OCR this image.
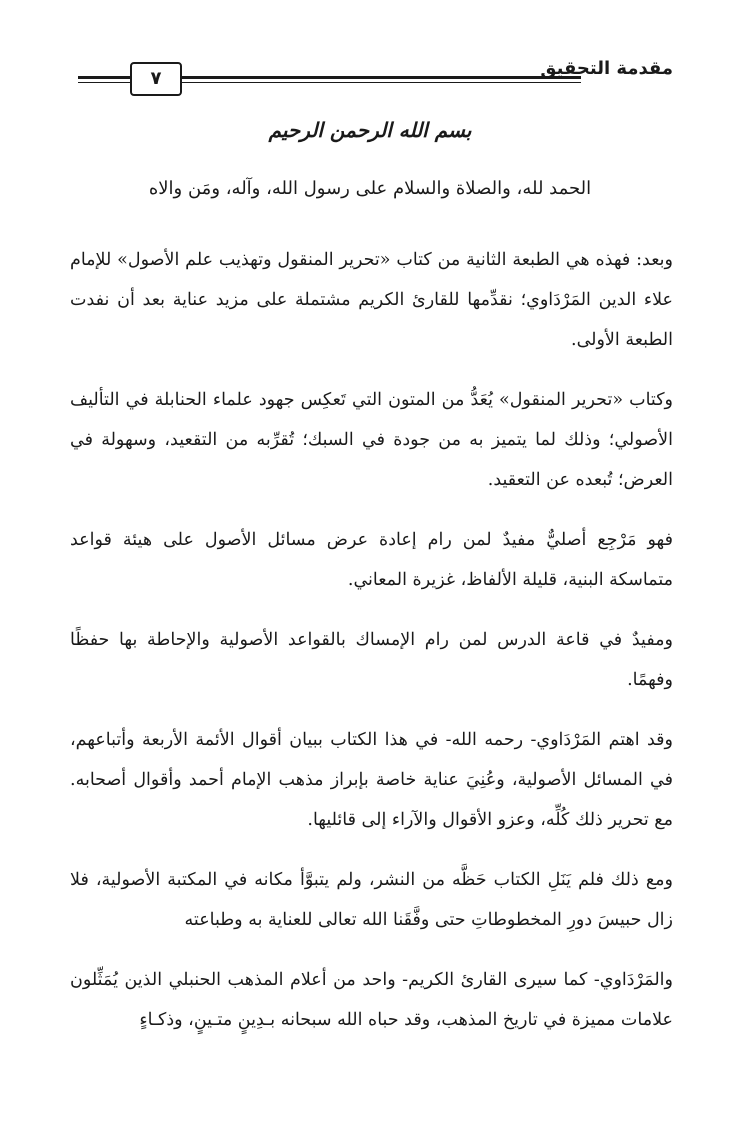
٧	مقدمة التحقيق
بسم الله الرحمن الرحيم
الحمد لله، والصلاة والسلام على رسول الله، وآله، ومَن والاه

وبعد: فهذه هي الطبعة الثانية من كتاب «تحرير المنقول وتهذيب علم الأصول» للإمام علاء الدين المَرْدَاوي؛ نقدِّمها للقارئ الكريم مشتملة على مزيد عناية بعد أن نفدت الطبعة الأولى.

وكتاب «تحرير المنقول» يُعَدُّ من المتون التي تَعكِس جهود علماء الحنابلة في التأليف الأصولي؛ وذلك لما يتميز به من جودة في السبك؛ تُقرِّبه من التقعيد، وسهولة في العرض؛ تُبعده عن التعقيد.

فهو مَرْجِع أصليٌّ مفيدٌ لمن رام إعادة عرض مسائل الأصول على هيئة قواعد متماسكة البنية، قليلة الألفاظ، غزيرة المعاني.

ومفيدٌ في قاعة الدرس لمن رام الإمساك بالقواعد الأصولية والإحاطة بها حفظًا وفهمًا.

وقد اهتم المَرْدَاوي- رحمه الله- في هذا الكتاب ببيان أقوال الأئمة الأربعة وأتباعهم، في المسائل الأصولية، وعُنِيَ عناية خاصة بإبراز مذهب الإمام أحمد وأقوال أصحابه. مع تحرير ذلك كُلِّه، وعزو الأقوال والآراء إلى قائليها.

ومع ذلك فلم يَنَلِ الكتاب حَظَّه من النشر، ولم يتبوَّأ مكانه في المكتبة الأصولية، فلا زال حبيسَ دورِ المخطوطاتِ حتى وفَّقَنا الله تعالى للعناية به وطباعته

والمَرْدَاوي- كما سيرى القارئ الكريم- واحد من أعلام المذهب الحنبلي الذين يُمَثِّلون علامات مميزة في تاريخ المذهب، وقد حباه الله سبحانه بـدِينٍ متـينٍ، وذكـاءٍ
